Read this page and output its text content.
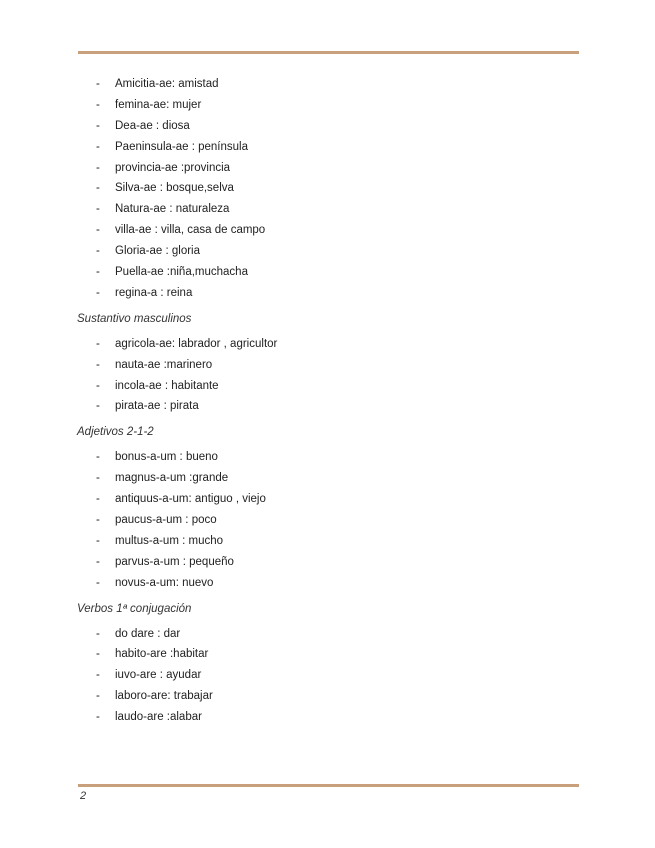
- Amicitia-ae: amistad
- femina-ae: mujer
- Dea-ae : diosa
- Paeninsula-ae : península
- provincia-ae :provincia
- Silva-ae : bosque,selva
- Natura-ae : naturaleza
- villa-ae : villa, casa de campo
- Gloria-ae : gloria
- Puella-ae :niña,muchacha
- regina-a : reina

Sustantivo masculinos

- agricola-ae: labrador , agricultor
- nauta-ae :marinero
- incola-ae : habitante
- pirata-ae : pirata

Adjetivos 2-1-2

- bonus-a-um : bueno
- magnus-a-um :grande
- antiquus-a-um: antiguo , viejo
- paucus-a-um : poco
- multus-a-um : mucho
- parvus-a-um : pequeño
- novus-a-um: nuevo

Verbos 1ª conjugación

- do dare : dar
- habito-are :habitar
- iuvo-are : ayudar
- laboro-are: trabajar
- laudo-are :alabar
2
